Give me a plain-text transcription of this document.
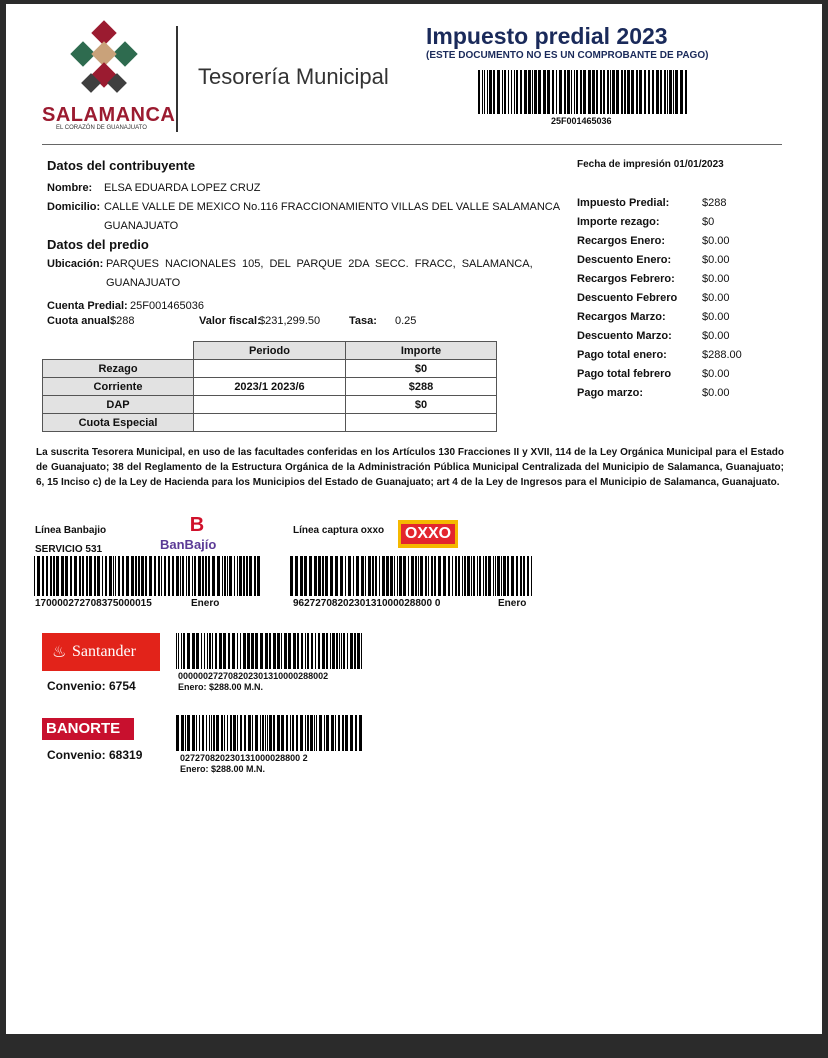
SALAMANCA
EL CORAZÓN DE GUANAJUATO
Tesorería Municipal
Impuesto predial 2023
(ESTE DOCUMENTO NO ES UN COMPROBANTE DE PAGO)
25F001465036
Datos del contribuyente	Fecha de impresión 01/01/2023
Nombre: ELSA EDUARDA LOPEZ CRUZ
Domicilio: CALLE VALLE DE MEXICO No.116 FRACCIONAMIENTO VILLAS DEL VALLE SALAMANCA
GUANAJUATO
Datos del predio
Ubicación: PARQUES NACIONALES 105, DEL PARQUE 2DA SECC. FRACC, SALAMANCA,
GUANAJUATO
Cuenta Predial: 25F001465036
Cuota anual:
$288	Valor fiscal:
$231,299.50	Tasa: 0.25
	Periodo	Importe
Rezago		$0
Corriente	2023/1 2023/6	$288
DAP		$0
Cuota Especial		
Impuesto Predial:	$288
Importe rezago:	$0
Recargos Enero:	$0.00
Descuento Enero:	$0.00
Recargos Febrero: $0.00
Descuento Febrero $0.00
Recargos Marzo:	$0.00
Descuento Marzo:	$0.00
Pago total enero:	$288.00
Pago total febrero	$0.00
Pago marzo:	$0.00
La suscrita Tesorera Municipal, en uso de las facultades conferidas en los Artículos 130 Fracciones II y XVII, 114 de la Ley Orgánica Municipal para el Estado de Guanajuato; 38 del Reglamento de la Estructura Orgánica de la Administración Pública Municipal Centralizada del Municipio de Salamanca, Guanajuato; 6, 15 Inciso c) de la Ley de Hacienda para los Municipios del Estado de Guanajuato; art 4 de la Ley de Ingresos para el Municipio de Salamanca, Guanajuato.
Línea Banbajio
SERVICIO 531
B
BanBajío
170000272708375000015	Enero
Línea captura oxxo OXXO
9627270820230131000028800 0	Enero
♨ Santander
Convenio: 6754
000000272708202301310000288002
Enero: $288.00 M.N.
BANORTE
Convenio: 68319	027270820230131000028800 2
Enero: $288.00 M.N.
